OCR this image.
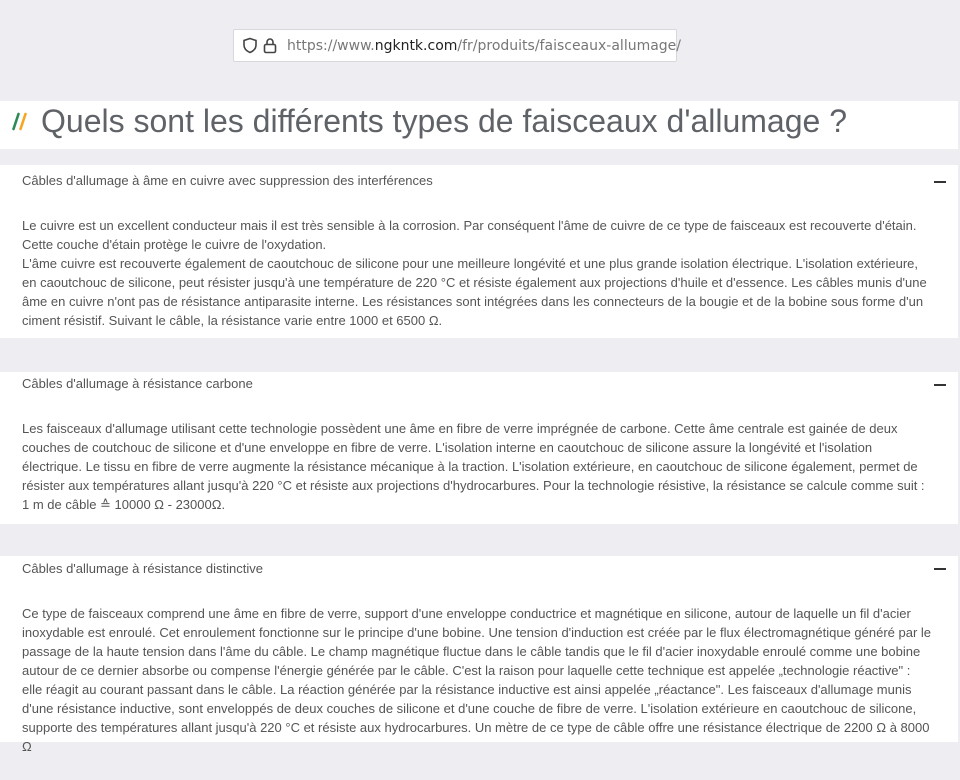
https://www.ngkntk.com/fr/produits/faisceaux-allumage/
Quels sont les différents types de faisceaux d'allumage ?
Câbles d'allumage à âme en cuivre avec suppression des interférences

Le cuivre est un excellent conducteur mais il est très sensible à la corrosion. Par conséquent l'âme de cuivre de ce type de faisceaux est recouverte d'étain. Cette couche d'étain protège le cuivre de l'oxydation.

L'âme cuivre est recouverte également de caoutchouc de silicone pour une meilleure longévité et une plus grande isolation électrique. L'isolation extérieure, en caoutchouc de silicone, peut résister jusqu'à une température de 220 °C et résiste également aux projections d'huile et d'essence. Les câbles munis d'une âme en cuivre n'ont pas de résistance antiparasite interne. Les résistances sont intégrées dans les connecteurs de la bougie et de la bobine sous forme d'un ciment résistif. Suivant le câble, la résistance varie entre 1000 et 6500 Ω.

Câbles d'allumage à résistance carbone

Les faisceaux d'allumage utilisant cette technologie possèdent une âme en fibre de verre imprégnée de carbone. Cette âme centrale est gainée de deux couches de coutchouc de silicone et d'une enveloppe en fibre de verre. L'isolation interne en caoutchouc de silicone assure la longévité et l'isolation électrique. Le tissu en fibre de verre augmente la résistance mécanique à la traction. L'isolation extérieure, en caoutchouc de silicone également, permet de résister aux températures allant jusqu'à 220 °C et résiste aux projections d'hydrocarbures. Pour la technologie résistive, la résistance se calcule comme suit : 1 m de câble ≙ 10000 Ω - 23000Ω.

Câbles d'allumage à résistance distinctive

Ce type de faisceaux comprend une âme en fibre de verre, support d'une enveloppe conductrice et magnétique en silicone, autour de laquelle un fil d'acier inoxydable est enroulé. Cet enroulement fonctionne sur le principe d'une bobine. Une tension d'induction est créée par le flux électromagnétique généré par le passage de la haute tension dans l'âme du câble. Le champ magnétique fluctue dans le câble tandis que le fil d'acier inoxydable enroulé comme une bobine autour de ce dernier absorbe ou compense l'énergie générée par le câble. C'est la raison pour laquelle cette technique est appelée „technologie réactive" : elle réagit au courant passant dans le câble. La réaction générée par la résistance inductive est ainsi appelée „réactance". Les faisceaux d'allumage munis d'une résistance inductive, sont enveloppés de deux couches de silicone et d'une couche de fibre de verre. L'isolation extérieure en caoutchouc de silicone, supporte des températures allant jusqu'à 220 °C et résiste aux hydrocarbures. Un mètre de ce type de câble offre une résistance électrique de 2200 Ω à 8000 Ω
